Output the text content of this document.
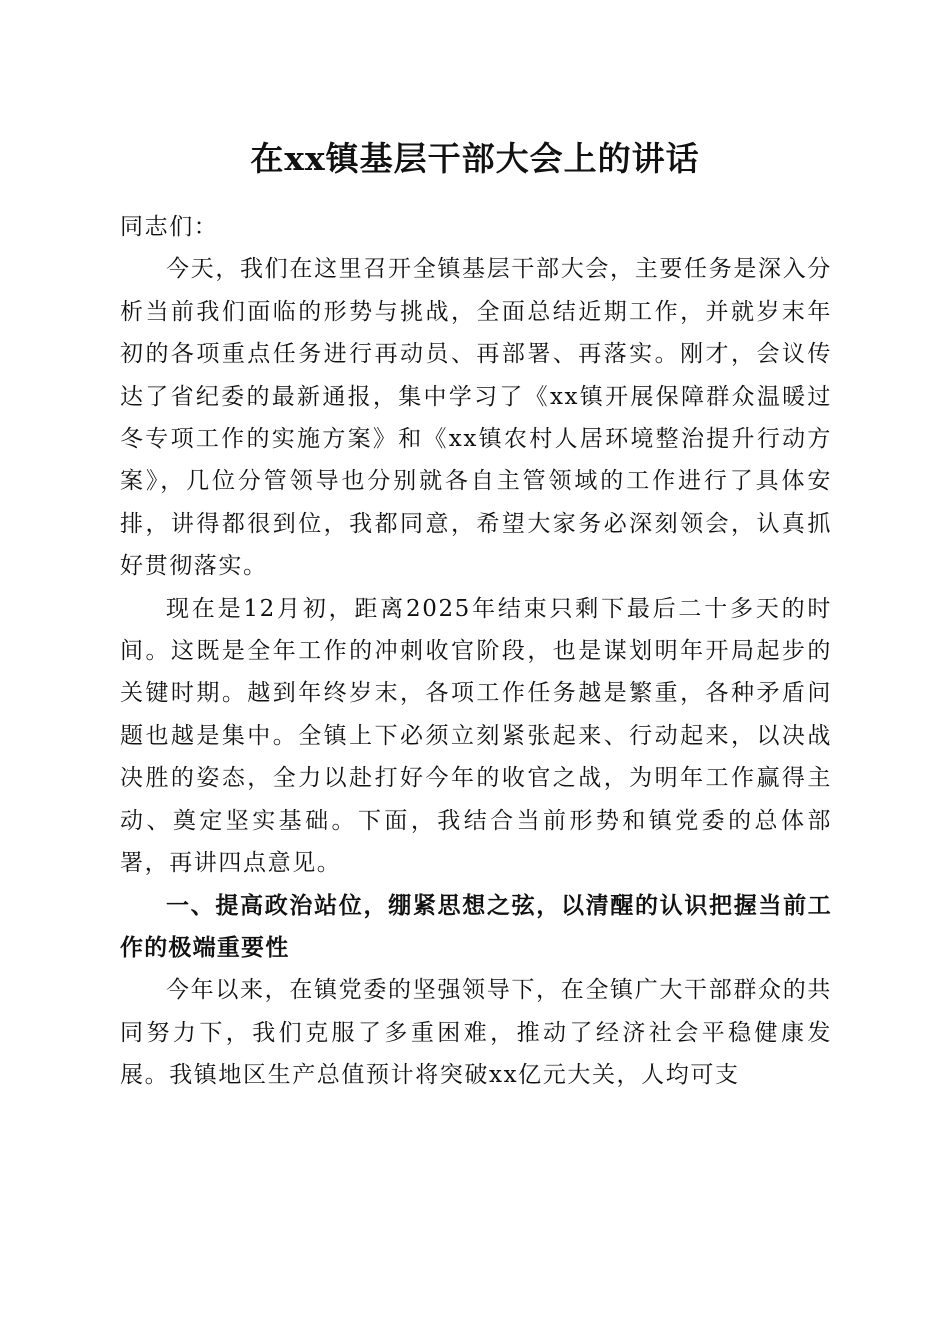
在xx镇基层干部大会上的讲话

同志们：

今天，我们在这里召开全镇基层干部大会，主要任务是深入分析当前我们面临的形势与挑战，全面总结近期工作，并就岁末年初的各项重点任务进行再动员、再部署、再落实。刚才，会议传达了省纪委的最新通报，集中学习了《xx镇开展保障群众温暖过冬专项工作的实施方案》和《xx镇农村人居环境整治提升行动方案》，几位分管领导也分别就各自主管领域的工作进行了具体安排，讲得都很到位，我都同意，希望大家务必深刻领会，认真抓好贯彻落实。

现在是12月初，距离2025年结束只剩下最后二十多天的时间。这既是全年工作的冲刺收官阶段，也是谋划明年开局起步的关键时期。越到年终岁末，各项工作任务越是繁重，各种矛盾问题也越是集中。全镇上下必须立刻紧张起来、行动起来，以决战决胜的姿态，全力以赴打好今年的收官之战，为明年工作赢得主动、奠定坚实基础。下面，我结合当前形势和镇党委的总体部署，再讲四点意见。

一、提高政治站位，绷紧思想之弦，以清醒的认识把握当前工作的极端重要性

今年以来，在镇党委的坚强领导下，在全镇广大干部群众的共同努力下，我们克服了多重困难，推动了经济社会平稳健康发展。我镇地区生产总值预计将突破xx亿元大关，人均可支
